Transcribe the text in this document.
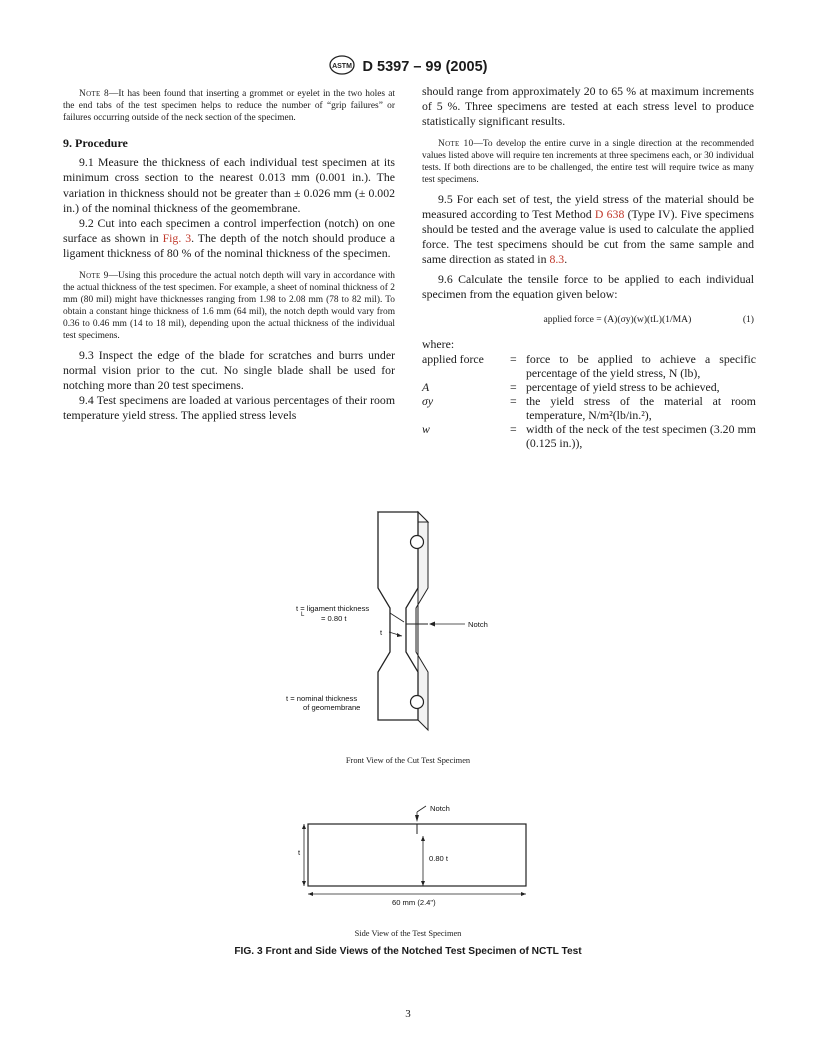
ASTM D 5397 – 99 (2005)

Note 8—It has been found that inserting a grommet or eyelet in the two holes at the end tabs of the test specimen helps to reduce the number of “grip failures” or failures occurring outside of the neck section of the specimen.

9. Procedure

9.1 Measure the thickness of each individual test specimen at its minimum cross section to the nearest 0.013 mm (0.001 in.). The variation in thickness should not be greater than ± 0.026 mm (± 0.002 in.) of the nominal thickness of the geomembrane.

9.2 Cut into each specimen a control imperfection (notch) on one surface as shown in Fig. 3. The depth of the notch should produce a ligament thickness of 80 % of the nominal thickness of the specimen.

Note 9—Using this procedure the actual notch depth will vary in accordance with the actual thickness of the test specimen. For example, a sheet of nominal thickness of 2 mm (80 mil) might have thicknesses ranging from 1.98 to 2.08 mm (78 to 82 mil). To obtain a constant hinge thickness of 1.6 mm (64 mil), the notch depth would vary from 0.36 to 0.46 mm (14 to 18 mil), depending upon the actual thickness of the individual test specimens.

9.3 Inspect the edge of the blade for scratches and burrs under normal vision prior to the cut. No single blade shall be used for notching more than 20 test specimens.

9.4 Test specimens are loaded at various percentages of their room temperature yield stress. The applied stress levels

should range from approximately 20 to 65 % at maximum increments of 5 %. Three specimens are tested at each stress level to produce statistically significant results.

Note 10—To develop the entire curve in a single direction at the recommended values listed above will require ten increments at three specimens each, or 30 individual tests. If both directions are to be challenged, the entire test will require twice as many test specimens.

9.5 For each set of test, the yield stress of the material should be measured according to Test Method D 638 (Type IV). Five specimens should be tested and the average value is used to calculate the applied force. The test specimens should be cut from the same sample and same direction as stated in 8.3.

9.6 Calculate the tensile force to be applied to each individual specimen from the equation given below:

applied force = (A)(σy)(w)(tL)(1/MA)	(1)

where:

applied force	=	force to be applied to achieve a specific percentage of the yield stress, N (lb),
A	=	percentage of yield stress to be achieved,
σy	=	the yield stress of the material at room temperature, N/m²(lb/in.²),
w	=	width of the neck of the test specimen (3.20 mm (0.125 in.)),
t = ligament thickness
L = 0.80 t
t
Notch
t = nominal thickness
of geomembrane
Front View of the Cut Test Specimen
Notch
t
0.80 t
60 mm (2.4")
Side View of the Test Specimen
FIG. 3 Front and Side Views of the Notched Test Specimen of NCTL Test
3
